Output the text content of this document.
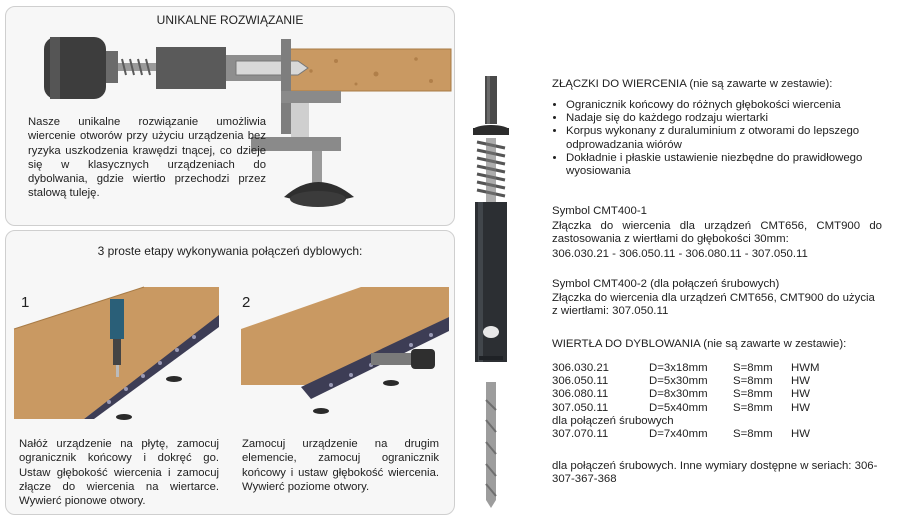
UNIKALNE ROZWIĄZANIE
Nasze unikalne rozwiązanie umożliwia wiercenie otworów przy użyciu urządzenia bez ryzyka uszkodzenia krawędzi tnącej, co dzieje się w klasycznych urządzeniach do dybolwania, gdzie wiertło przechodzi przez stalową tuleję.
3 proste etapy wykonywania połączeń dyblowych:
1	2
Nałóż urządzenie na płytę, zamocuj ogranicznik końcowy i dokręć go. Ustaw głębokość wiercenia i zamocuj złącze do wiercenia na wiertarce. Wywierć pionowe otwory.
Zamocuj urządzenie na drugim elemencie, zamocuj ogranicznik końcowy i ustaw głębokość wiercenia. Wywierć poziome otwory.
ZŁĄCZKI DO WIERCENIA (nie są zawarte w zestawie):
• Ogranicznik końcowy do różnych głębokości wiercenia
• Nadaje się do każdego rodzaju wiertarki
• Korpus wykonany z duraluminium z otworami do lepszego odprowadzania wiórów
• Dokładnie i płaskie ustawienie niezbędne do prawidłowego wyosiowania
Symbol CMT400-1
Złączka do wiercenia dla urządzeń CMT656, CMT900 do zastosowania z wiertłami do głębokości 30mm:
306.030.21 - 306.050.11 - 306.080.11 - 307.050.11
Symbol CMT400-2 (dla połączeń śrubowych)
Złączka do wiercenia dla urządzeń CMT656, CMT900 do użycia z wiertłami: 307.050.11
WIERTŁA DO DYBLOWANIA (nie są zawarte w zestawie):
306.030.21	D=3x18mm	S=8mm	HWM
306.050.11	D=5x30mm	S=8mm	HW
306.080.11	D=8x30mm	S=8mm	HW
307.050.11	D=5x40mm	S=8mm	HW
dla połączeń śrubowych
307.070.11	D=7x40mm	S=8mm	HW
dla połączeń śrubowych. Inne wymiary dostępne w seriach: 306-307-367-368
